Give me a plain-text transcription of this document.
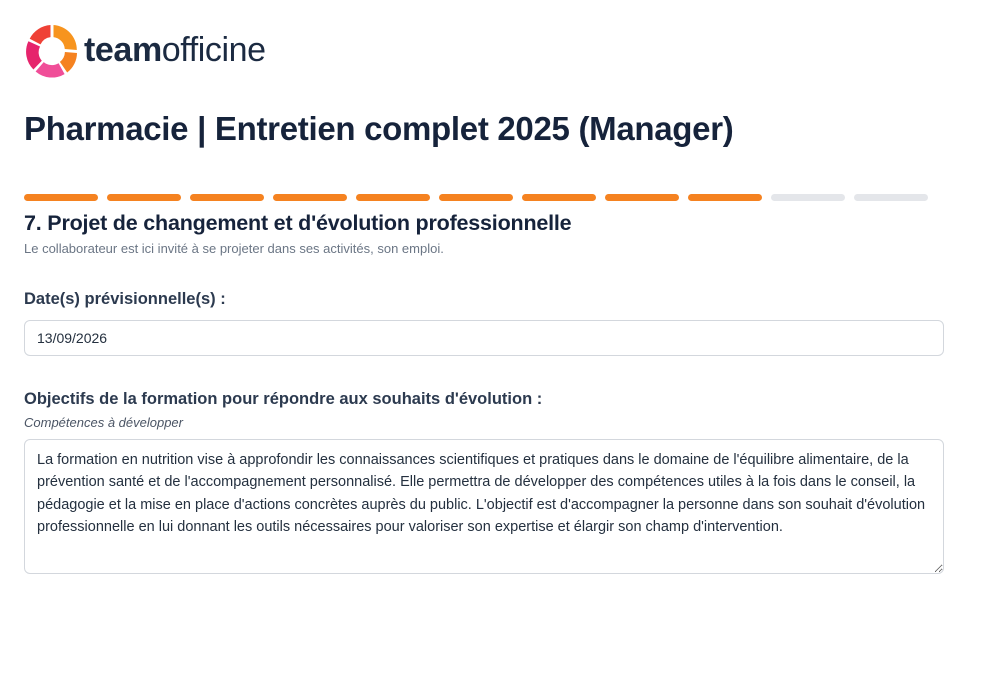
teamofficine
Pharmacie | Entretien complet 2025 (Manager)
7. Projet de changement et d'évolution professionnelle
Le collaborateur est ici invité à se projeter dans ses activités, son emploi.
Date(s) prévisionnelle(s) :
13/09/2026
Objectifs de la formation pour répondre aux souhaits d'évolution :
Compétences à développer
La formation en nutrition vise à approfondir les connaissances scientifiques et pratiques dans le domaine de l'équilibre alimentaire, de la prévention santé et de l'accompagnement personnalisé. Elle permettra de développer des compétences utiles à la fois dans le conseil, la pédagogie et la mise en place d'actions concrètes auprès du public. L'objectif est d'accompagner la personne dans son souhait d'évolution professionnelle en lui donnant les outils nécessaires pour valoriser son expertise et élargir son champ d'intervention.
